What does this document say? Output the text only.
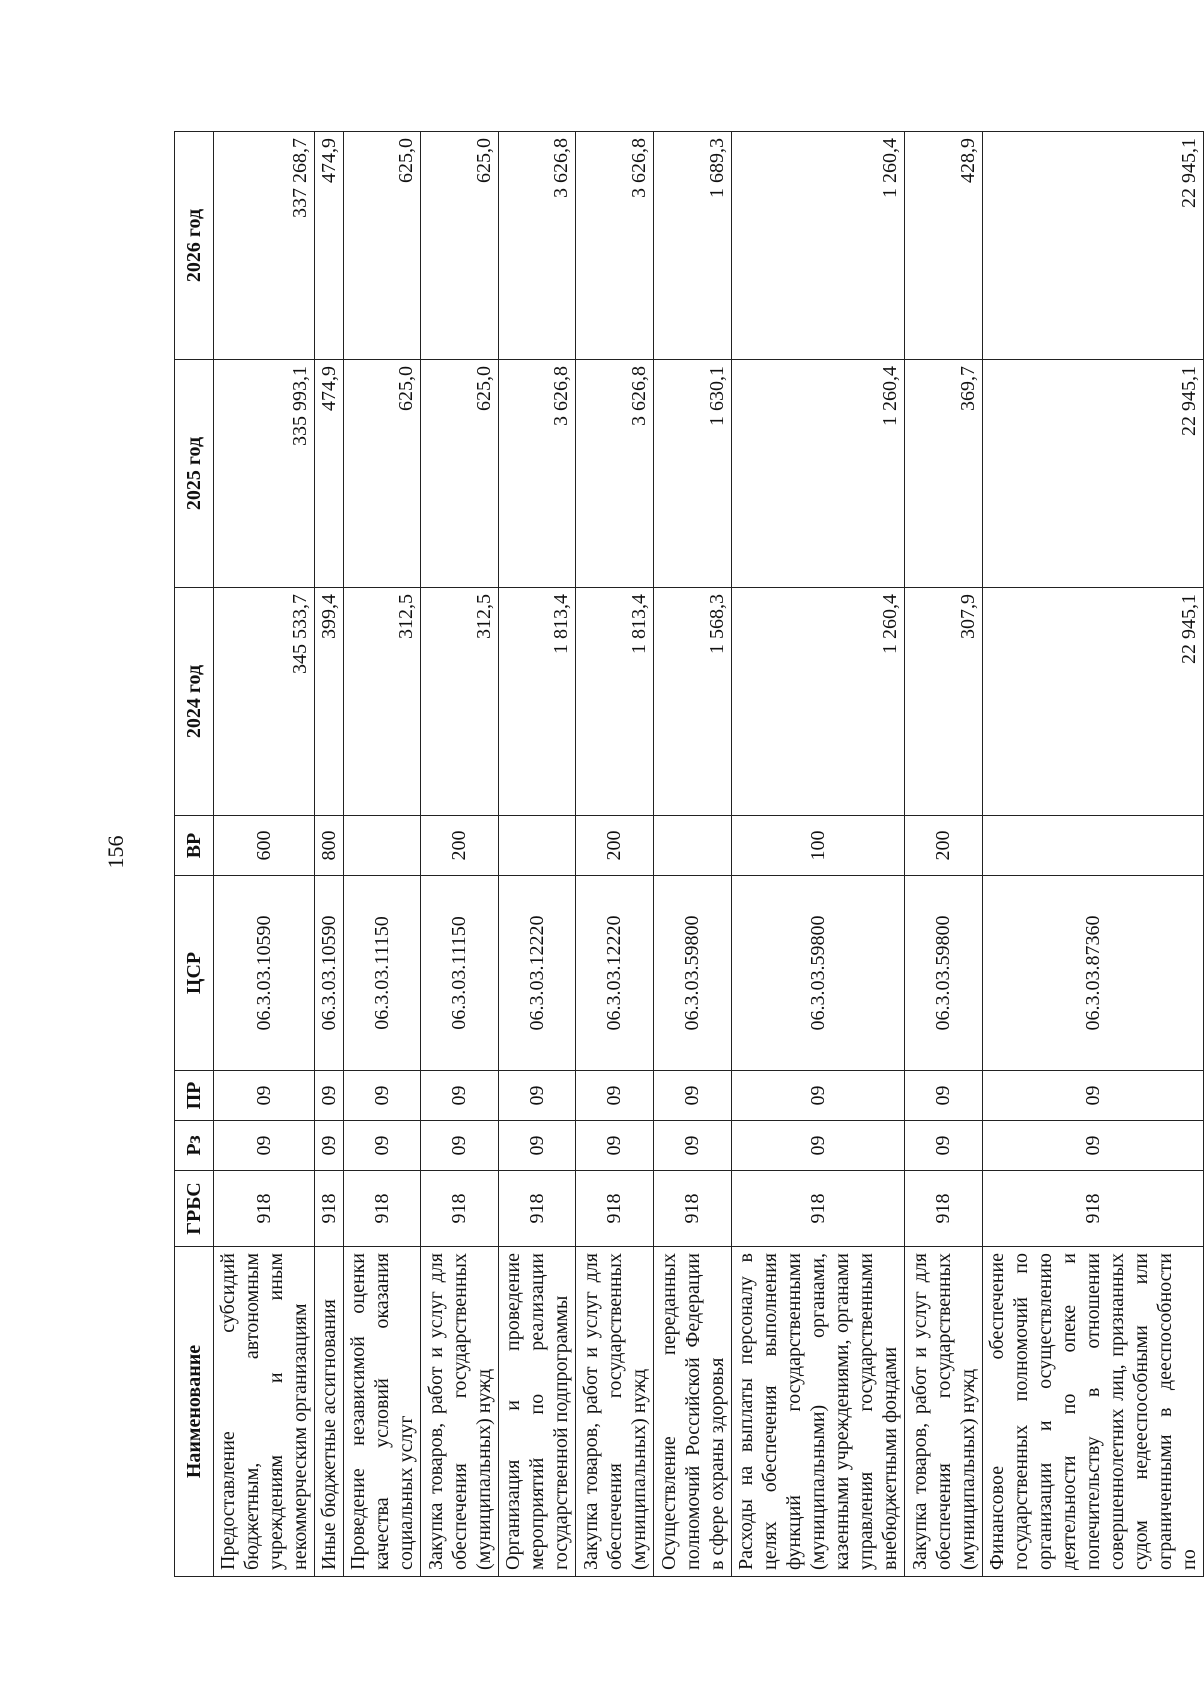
156
Наименование	ГРБС	Рз	ПР	ЦСР	ВР	2024 год	2025 год	2026 год
Предоставление субсидий бюджетным, автономным учреждениям и иным некоммерческим организациям	918	09	09	06.3.03.10590	600	345 533,7	335 993,1	337 268,7
Иные бюджетные ассигнования	918	09	09	06.3.03.10590	800	399,4	474,9	474,9
Проведение независимой оценки качества условий оказания социальных услуг	918	09	09	06.3.03.11150		312,5	625,0	625,0
Закупка товаров, работ и услуг для обеспечения государственных (муниципальных) нужд	918	09	09	06.3.03.11150	200	312,5	625,0	625,0
Организация и проведение мероприятий по реализации государственной подпрограммы	918	09	09	06.3.03.12220		1 813,4	3 626,8	3 626,8
Закупка товаров, работ и услуг для обеспечения государственных (муниципальных) нужд	918	09	09	06.3.03.12220	200	1 813,4	3 626,8	3 626,8
Осуществление переданных полномочий Российской Федерации в сфере охраны здоровья	918	09	09	06.3.03.59800		1 568,3	1 630,1	1 689,3
Расходы на выплаты персоналу в целях обеспечения выполнения функций государственными (муниципальными) органами, казенными учреждениями, органами управления государственными внебюджетными фондами	918	09	09	06.3.03.59800	100	1 260,4	1 260,4	1 260,4
Закупка товаров, работ и услуг для обеспечения государственных (муниципальных) нужд	918	09	09	06.3.03.59800	200	307,9	369,7	428,9
Финансовое обеспечение государственных полномочий по организации и осуществлению деятельности по опеке и попечительству в отношении совершеннолетних лиц, признанных судом недееспособными или ограниченными в дееспособности по	918	09	09	06.3.03.87360		22 945,1	22 945,1	22 945,1
